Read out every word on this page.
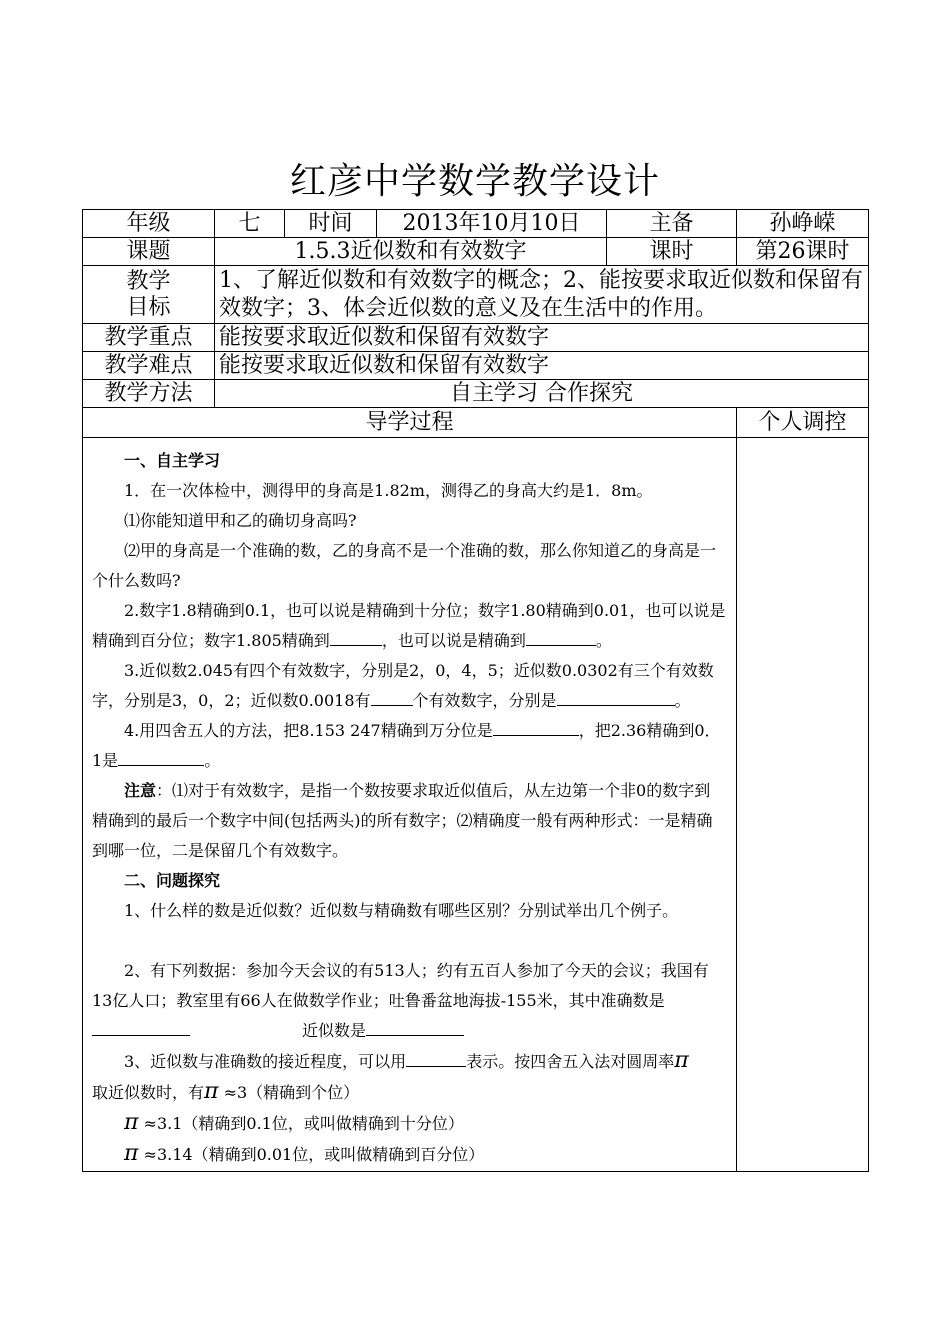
红彦中学数学教学设计
年级	七	时间	2013年10月10日	主备	孙峥嵘
课题	1.5.3近似数和有效数字			课时	第26课时

教学
目标	1、了解近似数和有效数字的概念；2、能按要求取近似数和保留有效数字；3、体会近似数的意义及在生活中的作用。				
教学重点	能按要求取近似数和保留有效数字				
教学难点	能按要求取近似数和保留有效数字				
教学方法	自主学习 合作探究				
导学过程					个人调控

一、自主学习

1．在一次体检中，测得甲的身高是1.82m，测得乙的身高大约是1．8m。

⑴你能知道甲和乙的确切身高吗?

⑵甲的身高是一个准确的数，乙的身高不是一个准确的数，那么你知道乙的身高是一个什么数吗?

2.数字1.8精确到0.1，也可以说是精确到十分位；数字1.80精确到0.01，也可以说是精确到百分位；数字1.805精确到	，也可以说是精确到	。

3.近似数2.045有四个有效数字，分别是2，0，4，5；近似数0.0302有三个有效数字，分别是3，0，2；近似数0.0018有	个有效数字，分别是	。

4.用四舍五人的方法，把8.153 247精确到万分位是	，把2.36精确到0．1是	。

注意：⑴对于有效数字，是指一个数按要求取近似值后，从左边第一个非0的数字到精确到的最后一个数字中间(包括两头)的所有数字；⑵精确度一般有两种形式：一是精确到哪一位，二是保留几个有效数字。

二、问题探究

1、什么样的数是近似数？近似数与精确数有哪些区别？分别试举出几个例子。

2、有下列数据：参加今天会议的有513人；约有五百人参加了今天的会议；我国有13亿人口；教室里有66人在做数学作业；吐鲁番盆地海拔-155米，其中准确数是近似数是

3、近似数与准确数的接近程度，可以用	表示。按四舍五入法对圆周率π

取近似数时，有π ≈3（精确到个位）

π ≈3.1（精确到0.1位，或叫做精确到十分位）

π ≈3.14（精确到0.01位，或叫做精确到百分位）
